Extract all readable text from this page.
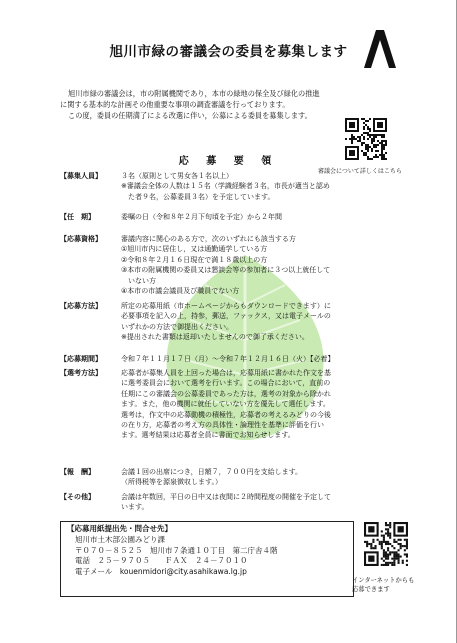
旭川市緑の審議会の委員を募集します

旭川市緑の審議会は，市の附属機関であり，本市の緑地の保全及び緑化の推進

に関する基本的な計画その他重要な事項の調査審議を行っております。

この度，委員の任期満了による改選に伴い，公募による委員を募集します。

審議会について詳しくはこちら
応 募 要 領
【募集人員】	３名（原則として男女各１名以上）
※審議会全体の人数は１５名（学識経験者３名，市長が適当と認め
　た者９名，公募委員３名）を予定しています。
【任　期】	委嘱の日（令和８年２月下旬頃を予定）から２年間
【応募資格】	審議内容に関心のある方で，次のいずれにも該当する方
①旭川市内に居住し，又は通勤通学している方
②令和８年２月１６日現在で満１８歳以上の方
③本市の附属機関の委員又は懇談会等の参加者に３つ以上就任して
　いない方
④本市の市議会議員及び職員でない方
【応募方法】	所定の応募用紙（市ホームページからもダウンロードできます）に
必要事項を記入の上，持参，郵送，ファックス，又は電子メールの
いずれかの方法で御提出ください。
※提出された書類は返却いたしませんので御了承ください。
【応募期間】	令和７年１１月１７日（月）～令和７年１２月１６日（火）【必着】
【選考方法】	応募者が募集人員を上回った場合は，応募用紙に書かれた作文を基
に選考委員会において選考を行います。この場合において，直前の
任期にこの審議会の公募委員であった方は，選考の対象から除かれ
ます。また，他の機関に就任していない方を優先して選任します。
選考は，作文中の応募動機の積極性，応募者の考えるみどりの今後
の在り方，応募者の考え方の具体性・論理性を基準に評価を行い
ます。選考結果は応募者全員に書面でお知らせします。
【報　酬】	会議１回の出席につき，日額７，７００円を支給します。
（所得税等を源泉徴収します。）
【その他】	会議は年数回，平日の日中又は夜間に２時間程度の開催を予定して
います。
【応募用紙提出先・問合せ先】
旭川市土木部公園みどり課
〒０７０－８５２５　旭川市７条通１０丁目　第二庁舎４階
電話　２５－９７０５　　ＦＡＸ　２４－７０１０
電子メール　kouenmidori@city.asahikawa.lg.jp
インターネットからも
応募できます
